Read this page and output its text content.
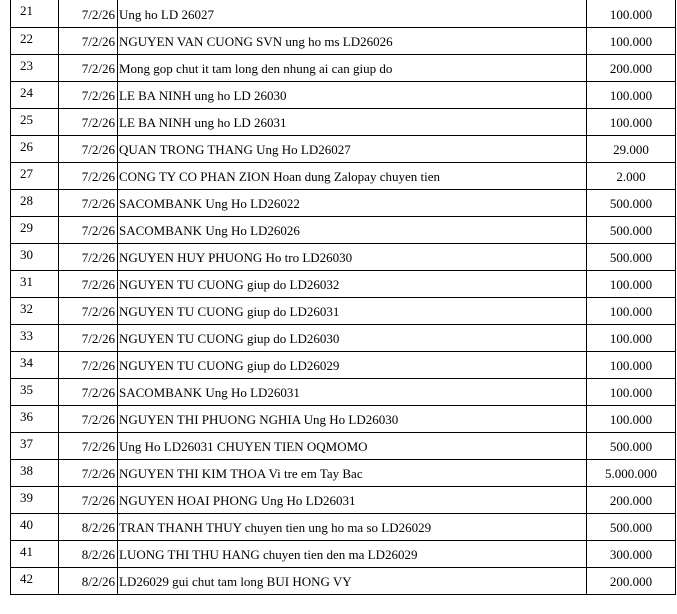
21	7/2/26	Ung ho LD 26027	100.000
22	7/2/26	NGUYEN VAN CUONG SVN ung ho ms LD26026	100.000
23	7/2/26	Mong gop chut it tam long den nhung ai can giup do	200.000
24	7/2/26	LE BA NINH ung ho LD 26030	100.000
25	7/2/26	LE BA NINH ung ho LD 26031	100.000
26	7/2/26	QUAN TRONG THANG Ung Ho LD26027	29.000
27	7/2/26	CONG TY CO PHAN ZION Hoan dung Zalopay chuyen tien	2.000
28	7/2/26	SACOMBANK Ung Ho LD26022	500.000
29	7/2/26	SACOMBANK Ung Ho LD26026	500.000
30	7/2/26	NGUYEN HUY PHUONG Ho tro LD26030	500.000
31	7/2/26	NGUYEN TU CUONG giup do LD26032	100.000
32	7/2/26	NGUYEN TU CUONG giup do LD26031	100.000
33	7/2/26	NGUYEN TU CUONG giup do LD26030	100.000
34	7/2/26	NGUYEN TU CUONG giup do LD26029	100.000
35	7/2/26	SACOMBANK Ung Ho LD26031	100.000
36	7/2/26	NGUYEN THI PHUONG NGHIA Ung Ho LD26030	100.000
37	7/2/26	Ung Ho LD26031 CHUYEN TIEN OQMOMO	500.000
38	7/2/26	NGUYEN THI KIM THOA Vi tre em Tay Bac	5.000.000
39	7/2/26	NGUYEN HOAI PHONG Ung Ho LD26031	200.000
40	8/2/26	TRAN THANH THUY chuyen tien ung ho ma so LD26029	500.000
41	8/2/26	LUONG THI THU HANG chuyen tien den ma LD26029	300.000
42	8/2/26	LD26029 gui chut tam long BUI HONG VY	200.000
